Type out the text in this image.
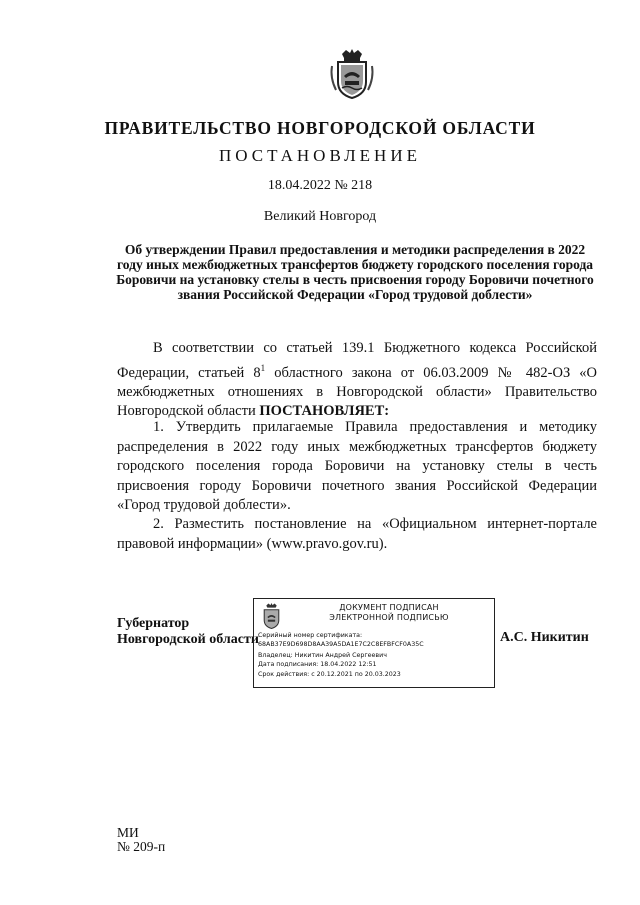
ПРАВИТЕЛЬСТВО НОВГОРОДСКОЙ ОБЛАСТИ
ПОСТАНОВЛЕНИЕ
18.04.2022 № 218
Великий Новгород
Об утверждении Правил предоставления и методики распределения в 2022 году иных межбюджетных трансфертов бюджету городского поселения города Боровичи на установку стелы в честь присвоения городу Боровичи почетного звания Российской Федерации «Город трудовой доблести»
В соответствии со статьей 139.1 Бюджетного кодекса Российской Федерации, статьей $8^1$ областного закона от 06.03.2009 № 482-ОЗ «О межбюджетных отношениях в Новгородской области» Правительство Новгородской области ПОСТАНОВЛЯЕТ:
1. Утвердить прилагаемые Правила предоставления и методику распределения в 2022 году иных межбюджетных трансфертов бюджету городского поселения города Боровичи на установку стелы в честь присвоения городу Боровичи почетного звания Российской Федерации «Город трудовой доблести».
2. Разместить постановление на «Официальном интернет-портале правовой информации» (www.pravo.gov.ru).
Губернатор
Новгородской области
ДОКУМЕНТ ПОДПИСАН
ЭЛЕКТРОННОЙ ПОДПИСЬЮ
Серийный номер сертификата:
68AB37E9D698D8AA39A5DA1E7C2C8EFBFCF0A35C
Владелец: Никитин Андрей Сергеевич
Дата подписания: 18.04.2022 12:51
Срок действия: с 20.12.2021 по 20.03.2023
А.С. Никитин
МИ
№ 209-п
